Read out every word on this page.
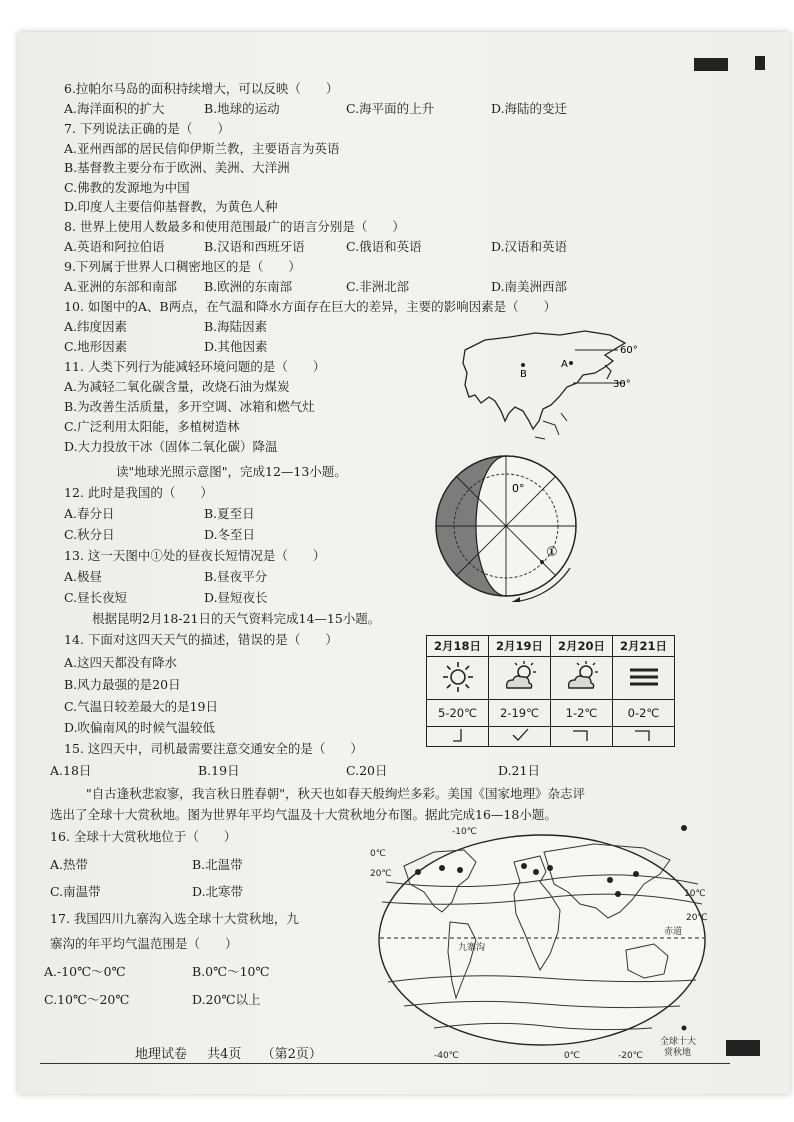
6.拉帕尔马岛的面积持续增大，可以反映（　　）
A.海洋面积的扩大	B.地球的运动	C.海平面的上升	D.海陆的变迁
7. 下列说法正确的是（　　）
A.亚州西部的居民信仰伊斯兰教，主要语言为英语
B.基督教主要分布于欧洲、美洲、大洋洲
C.佛教的发源地为中国
D.印度人主要信仰基督教，为黄色人种
8. 世界上使用人数最多和使用范围最广的语言分别是（　　）
A.英语和阿拉伯语	B.汉语和西班牙语	C.俄语和英语	D.汉语和英语
9.下列属于世界人口稠密地区的是（　　）
A.亚洲的东部和南部 B.欧洲的东南部	C.非洲北部	D.南美洲西部
10. 如图中的A、B两点，在气温和降水方面存在巨大的差异，主要的影响因素是（　　）
A.纬度因素	B.海陆因素
C.地形因素	D.其他因素
11. 人类下列行为能减轻环境问题的是（　　）
A.为减轻二氧化碳含量，改烧石油为煤炭
B.为改善生活质量，多开空调、冰箱和燃气灶
C.广泛利用太阳能，多植树造林
D.大力投放干冰（固体二氧化碳）降温
读"地球光照示意图"，完成12—13小题。
12. 此时是我国的（　　）
A.春分日	B.夏至日
C.秋分日	D.冬至日
13. 这一天图中①处的昼夜长短情况是（　　）
A.极昼	B.昼夜平分
C.昼长夜短	D.昼短夜长
根据昆明2月18-21日的天气资料完成14—15小题。
14. 下面对这四天天气的描述，错误的是（　　）
A.这四天都没有降水
B.风力最强的是20日
C.气温日较差最大的是19日
D.吹偏南风的时候气温较低
15. 这四天中，司机最需要注意交通安全的是（　　）
A.18日	B.19日	C.20日	D.21日
"自古逢秋悲寂寥，我言秋日胜春朝"，秋天也如春天般绚烂多彩。美国《国家地理》杂志评
选出了全球十大赏秋地。图为世界年平均气温及十大赏秋地分布图。据此完成16—18小题。
16. 全球十大赏秋地位于（　　）
A.热带	B.北温带
C.南温带	D.北寒带
17. 我国四川九寨沟入选全球十大赏秋地，九
寨沟的年平均气温范围是（　　）
A.-10℃～0℃	B.0℃～10℃
C.10℃～20℃	D.20℃以上
60°
30°
A
B
0°
①
2月18日	2月19日	2月20日	2月21日

5-20℃	2-19℃	1-2℃	0-2℃

-10℃
0℃
20℃
10℃
20℃
赤道
九寨沟
-40℃	0℃	-20℃
全球十大
赏秋地
地理试卷 共4页 （第2页）
